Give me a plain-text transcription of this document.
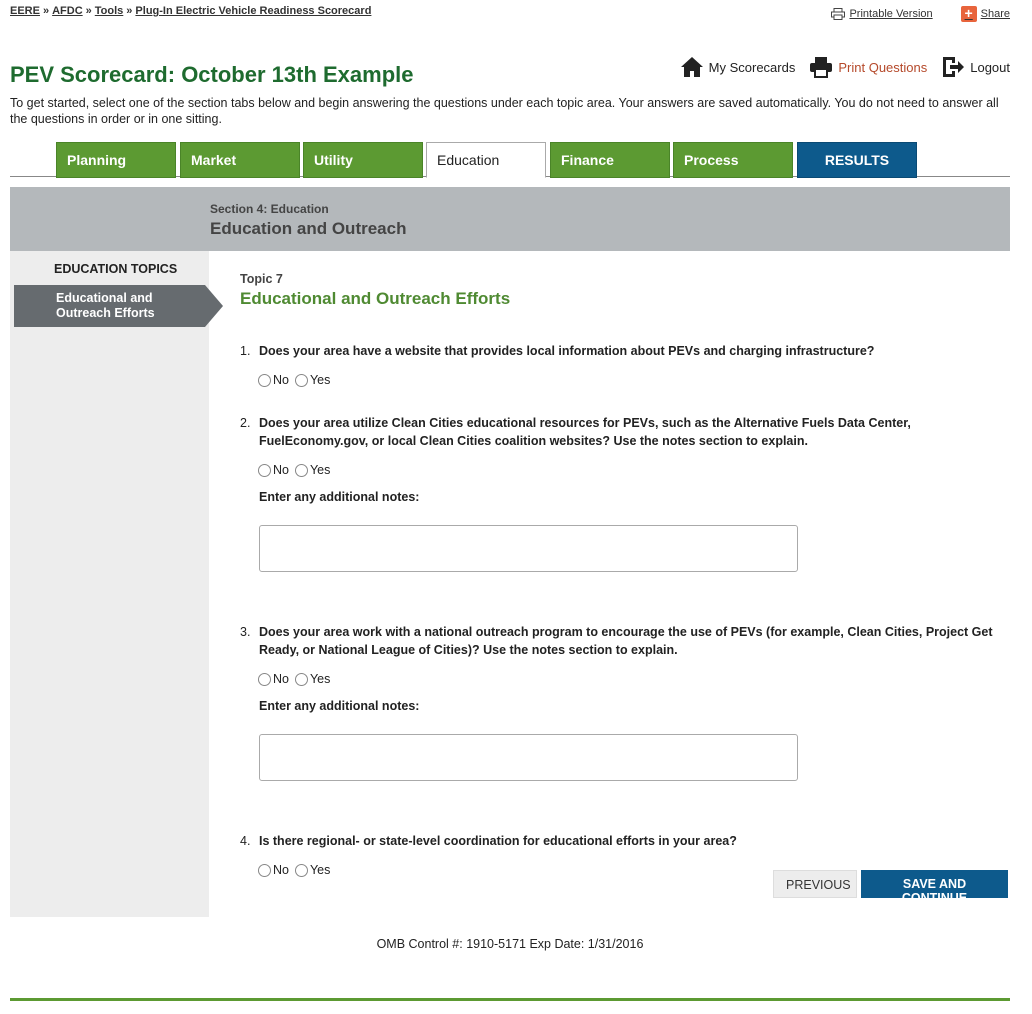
EERE » AFDC » Tools » Plug-In Electric Vehicle Readiness Scorecard	Printable Version + Share
PEV Scorecard: October 13th Example	My Scorecards	Print Questions	Logout

To get started, select one of the section tabs below and begin answering the questions under each topic area. Your answers are saved automatically. You do not need to answer all the questions in order or in one sitting.

Planning	Market	Utility	Education	Finance	Process	RESULTS
Section 4: Education
Education and Outreach
EDUCATION TOPICS
Educational and Outreach Efforts
Topic 7
Educational and Outreach Efforts
1. Does your area have a website that provides local information about PEVs and charging infrastructure?
No Yes
2. Does your area utilize Clean Cities educational resources for PEVs, such as the Alternative Fuels Data Center, FuelEconomy.gov, or local Clean Cities coalition websites? Use the notes section to explain.
No Yes
Enter any additional notes:
3. Does your area work with a national outreach program to encourage the use of PEVs (for example, Clean Cities, Project Get Ready, or National League of Cities)? Use the notes section to explain.
No Yes
Enter any additional notes:
4. Is there regional- or state-level coordination for educational efforts in your area?
No Yes
PREVIOUS	SAVE AND CONTINUE
OMB Control #: 1910-5171 Exp Date: 1/31/2016
